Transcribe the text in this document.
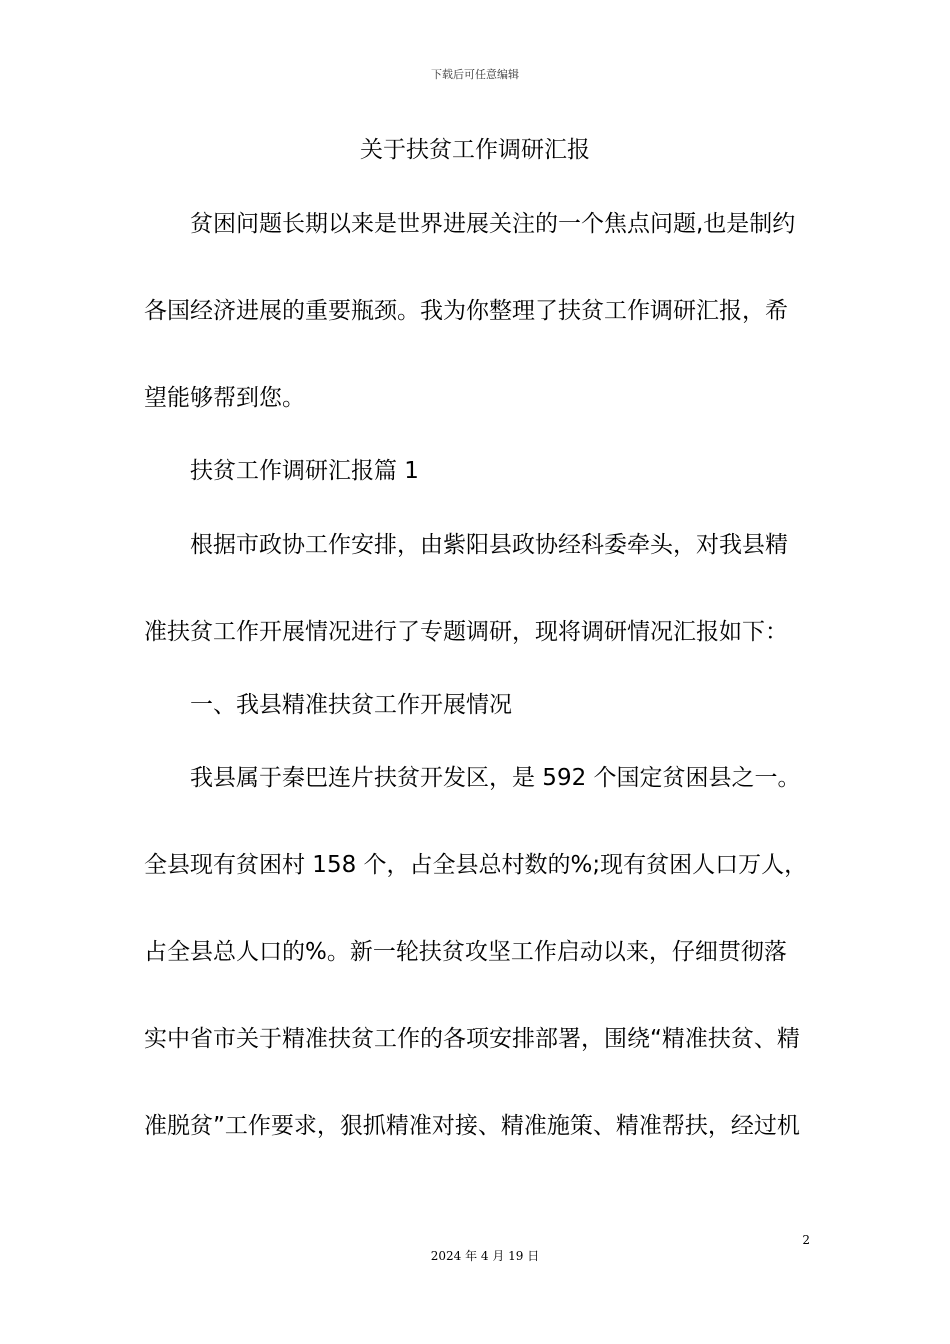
下载后可任意编辑
关于扶贫工作调研汇报
贫困问题长期以来是世界进展关注的一个焦点问题,也是制约
各国经济进展的重要瓶颈。我为你整理了扶贫工作调研汇报，希
望能够帮到您。
扶贫工作调研汇报篇 1
根据市政协工作安排，由紫阳县政协经科委牵头，对我县精
准扶贫工作开展情况进行了专题调研，现将调研情况汇报如下：
一、我县精准扶贫工作开展情况
我县属于秦巴连片扶贫开发区，是 592 个国定贫困县之一。
全县现有贫困村 158 个，占全县总村数的%;现有贫困人口万人，
占全县总人口的%。新一轮扶贫攻坚工作启动以来，仔细贯彻落
实中省市关于精准扶贫工作的各项安排部署，围绕“精准扶贫、精
准脱贫”工作要求，狠抓精准对接、精准施策、精准帮扶，经过机
2
2024 年 4 月 19 日
